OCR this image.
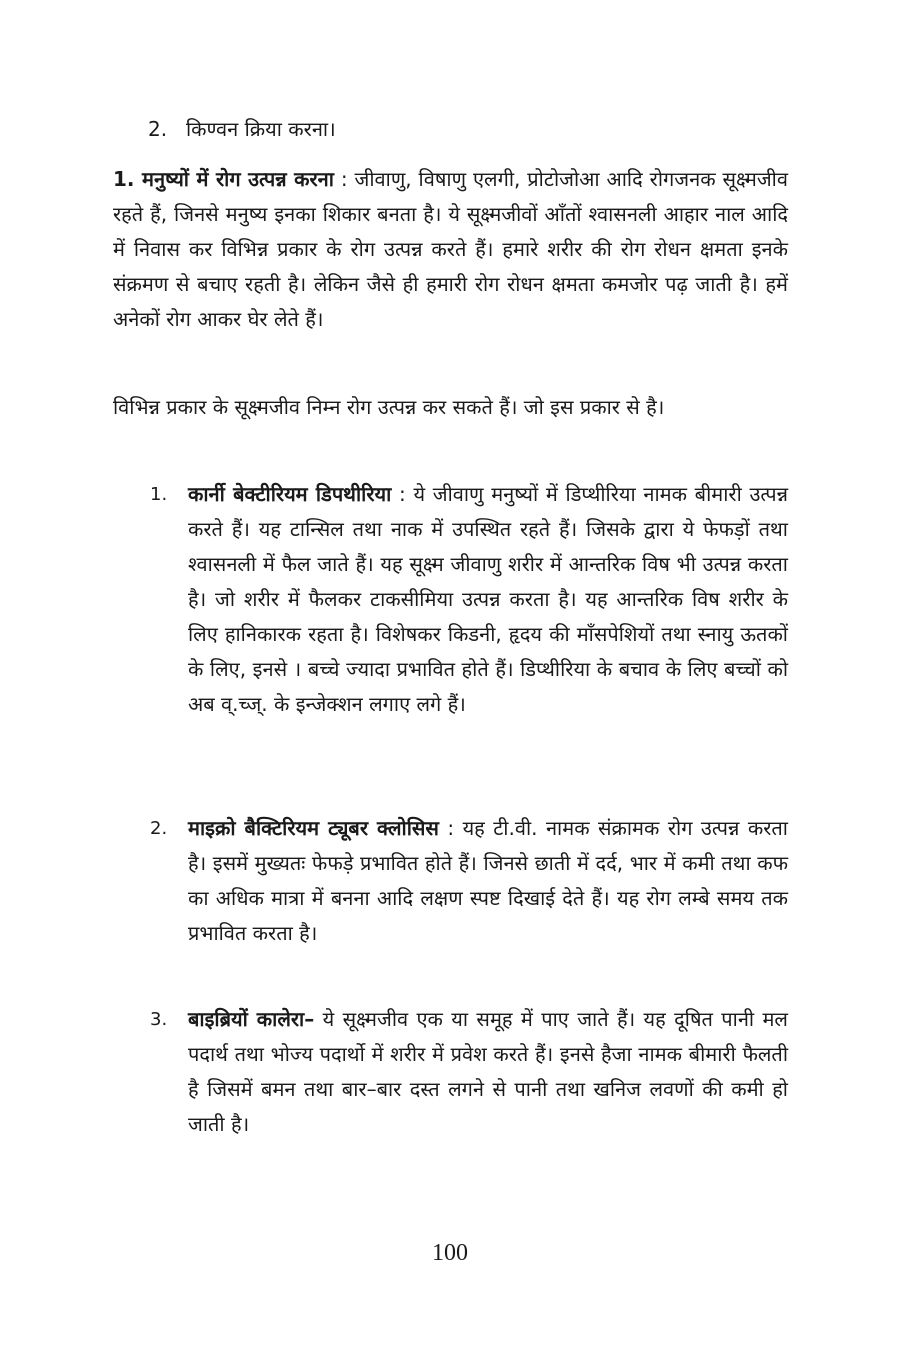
2. किण्वन क्रिया करना।
1. मनुष्यों में रोग उत्पन्न करना : जीवाणु, विषाणु एलगी, प्रोटोजोआ आदि रोगजनक सूक्ष्मजीव रहते हैं, जिनसे मनुष्य इनका शिकार बनता है। ये सूक्ष्मजीवों आँतों श्वासनली आहार नाल आदि में निवास कर विभिन्न प्रकार के रोग उत्पन्न करते हैं। हमारे शरीर की रोग रोधन क्षमता इनके संक्रमण से बचाए रहती है। लेकिन जैसे ही हमारी रोग रोधन क्षमता कमजोर पढ़ जाती है। हमें अनेकों रोग आकर घेर लेते हैं।
विभिन्न प्रकार के सूक्ष्मजीव निम्न रोग उत्पन्न कर सकते हैं। जो इस प्रकार से है।
1.	कार्नी बेक्टीरियम डिपथीरिया : ये जीवाणु मनुष्यों में डिप्थीरिया नामक बीमारी उत्पन्न करते हैं। यह टान्सिल तथा नाक में उपस्थित रहते हैं। जिसके द्वारा ये फेफड़ों तथा श्वासनली में फैल जाते हैं। यह सूक्ष्म जीवाणु शरीर में आन्तरिक विष भी उत्पन्न करता है। जो शरीर में फैलकर टाकसीमिया उत्पन्न करता है। यह आन्तरिक विष शरीर के लिए हानिकारक रहता है। विशेषकर किडनी, हृदय की माँसपेशियों तथा स्नायु ऊतकों के लिए, इनसे । बच्चे ज्यादा प्रभावित होते हैं। डिप्थीरिया के बचाव के लिए बच्चों को अब व्.च्ज्. के इन्जेक्शन लगाए लगे हैं।
2.	माइक्रो बैक्टिरियम ट्यूबर क्लोसिस : यह टी.वी. नामक संक्रामक रोग उत्पन्न करता है। इसमें मुख्यतः फेफड़े प्रभावित होते हैं। जिनसे छाती में दर्द, भार में कमी तथा कफ का अधिक मात्रा में बनना आदि लक्षण स्पष्ट दिखाई देते हैं। यह रोग लम्बे समय तक प्रभावित करता है।
3.	बाइब्रियों कालेरा– ये सूक्ष्मजीव एक या समूह में पाए जाते हैं। यह दूषित पानी मल पदार्थ तथा भोज्य पदार्थो में शरीर में प्रवेश करते हैं। इनसे हैजा नामक बीमारी फैलती है जिसमें बमन तथा बार–बार दस्त लगने से पानी तथा खनिज लवणों की कमी हो जाती है।
100
